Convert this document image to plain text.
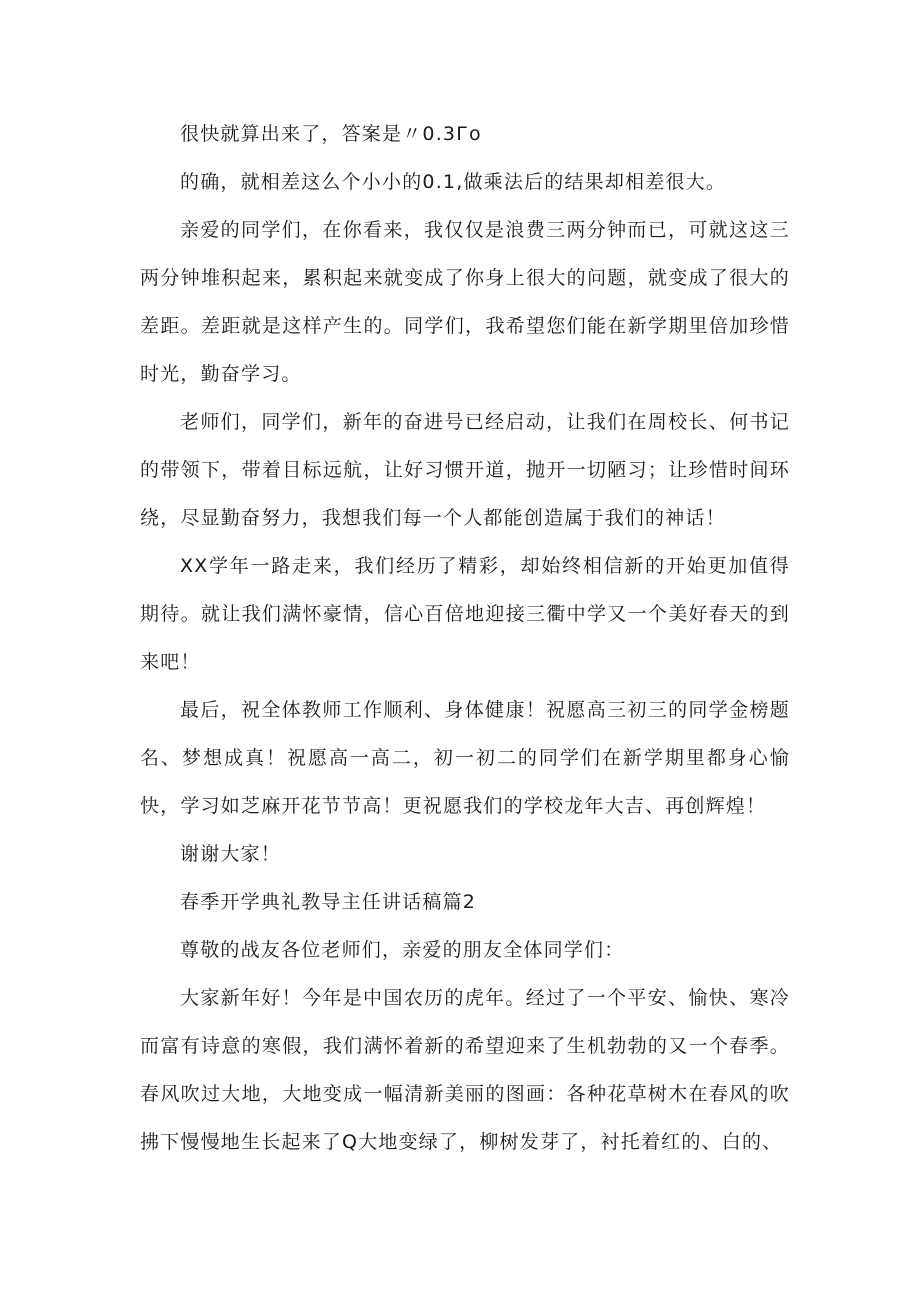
很快就算出来了，答案是〃0.3Го

的确，就相差这么个小小的0.1,做乘法后的结果却相差很大。

亲爱的同学们，在你看来，我仅仅是浪费三两分钟而已，可就这这三两分钟堆积起来，累积起来就变成了你身上很大的问题，就变成了很大的差距。差距就是这样产生的。同学们，我希望您们能在新学期里倍加珍惜时光，勤奋学习。

老师们，同学们，新年的奋进号已经启动，让我们在周校长、何书记的带领下，带着目标远航，让好习惯开道，抛开一切陋习；让珍惜时间环绕，尽显勤奋努力，我想我们每一个人都能创造属于我们的神话！

XX学年一路走来，我们经历了精彩，却始终相信新的开始更加值得期待。就让我们满怀豪情，信心百倍地迎接三衢中学又一个美好春天的到来吧！

最后，祝全体教师工作顺利、身体健康！祝愿高三初三的同学金榜题名、梦想成真！祝愿高一高二，初一初二的同学们在新学期里都身心愉快，学习如芝麻开花节节高！更祝愿我们的学校龙年大吉、再创辉煌！

谢谢大家！

春季开学典礼教导主任讲话稿篇2

尊敬的战友各位老师们，亲爱的朋友全体同学们：

大家新年好！今年是中国农历的虎年。经过了一个平安、愉快、寒冷而富有诗意的寒假，我们满怀着新的希望迎来了生机勃勃的又一个春季。春风吹过大地，大地变成一幅清新美丽的图画：各种花草树木在春风的吹拂下慢慢地生长起来了Q大地变绿了，柳树发芽了，衬托着红的、白的、
